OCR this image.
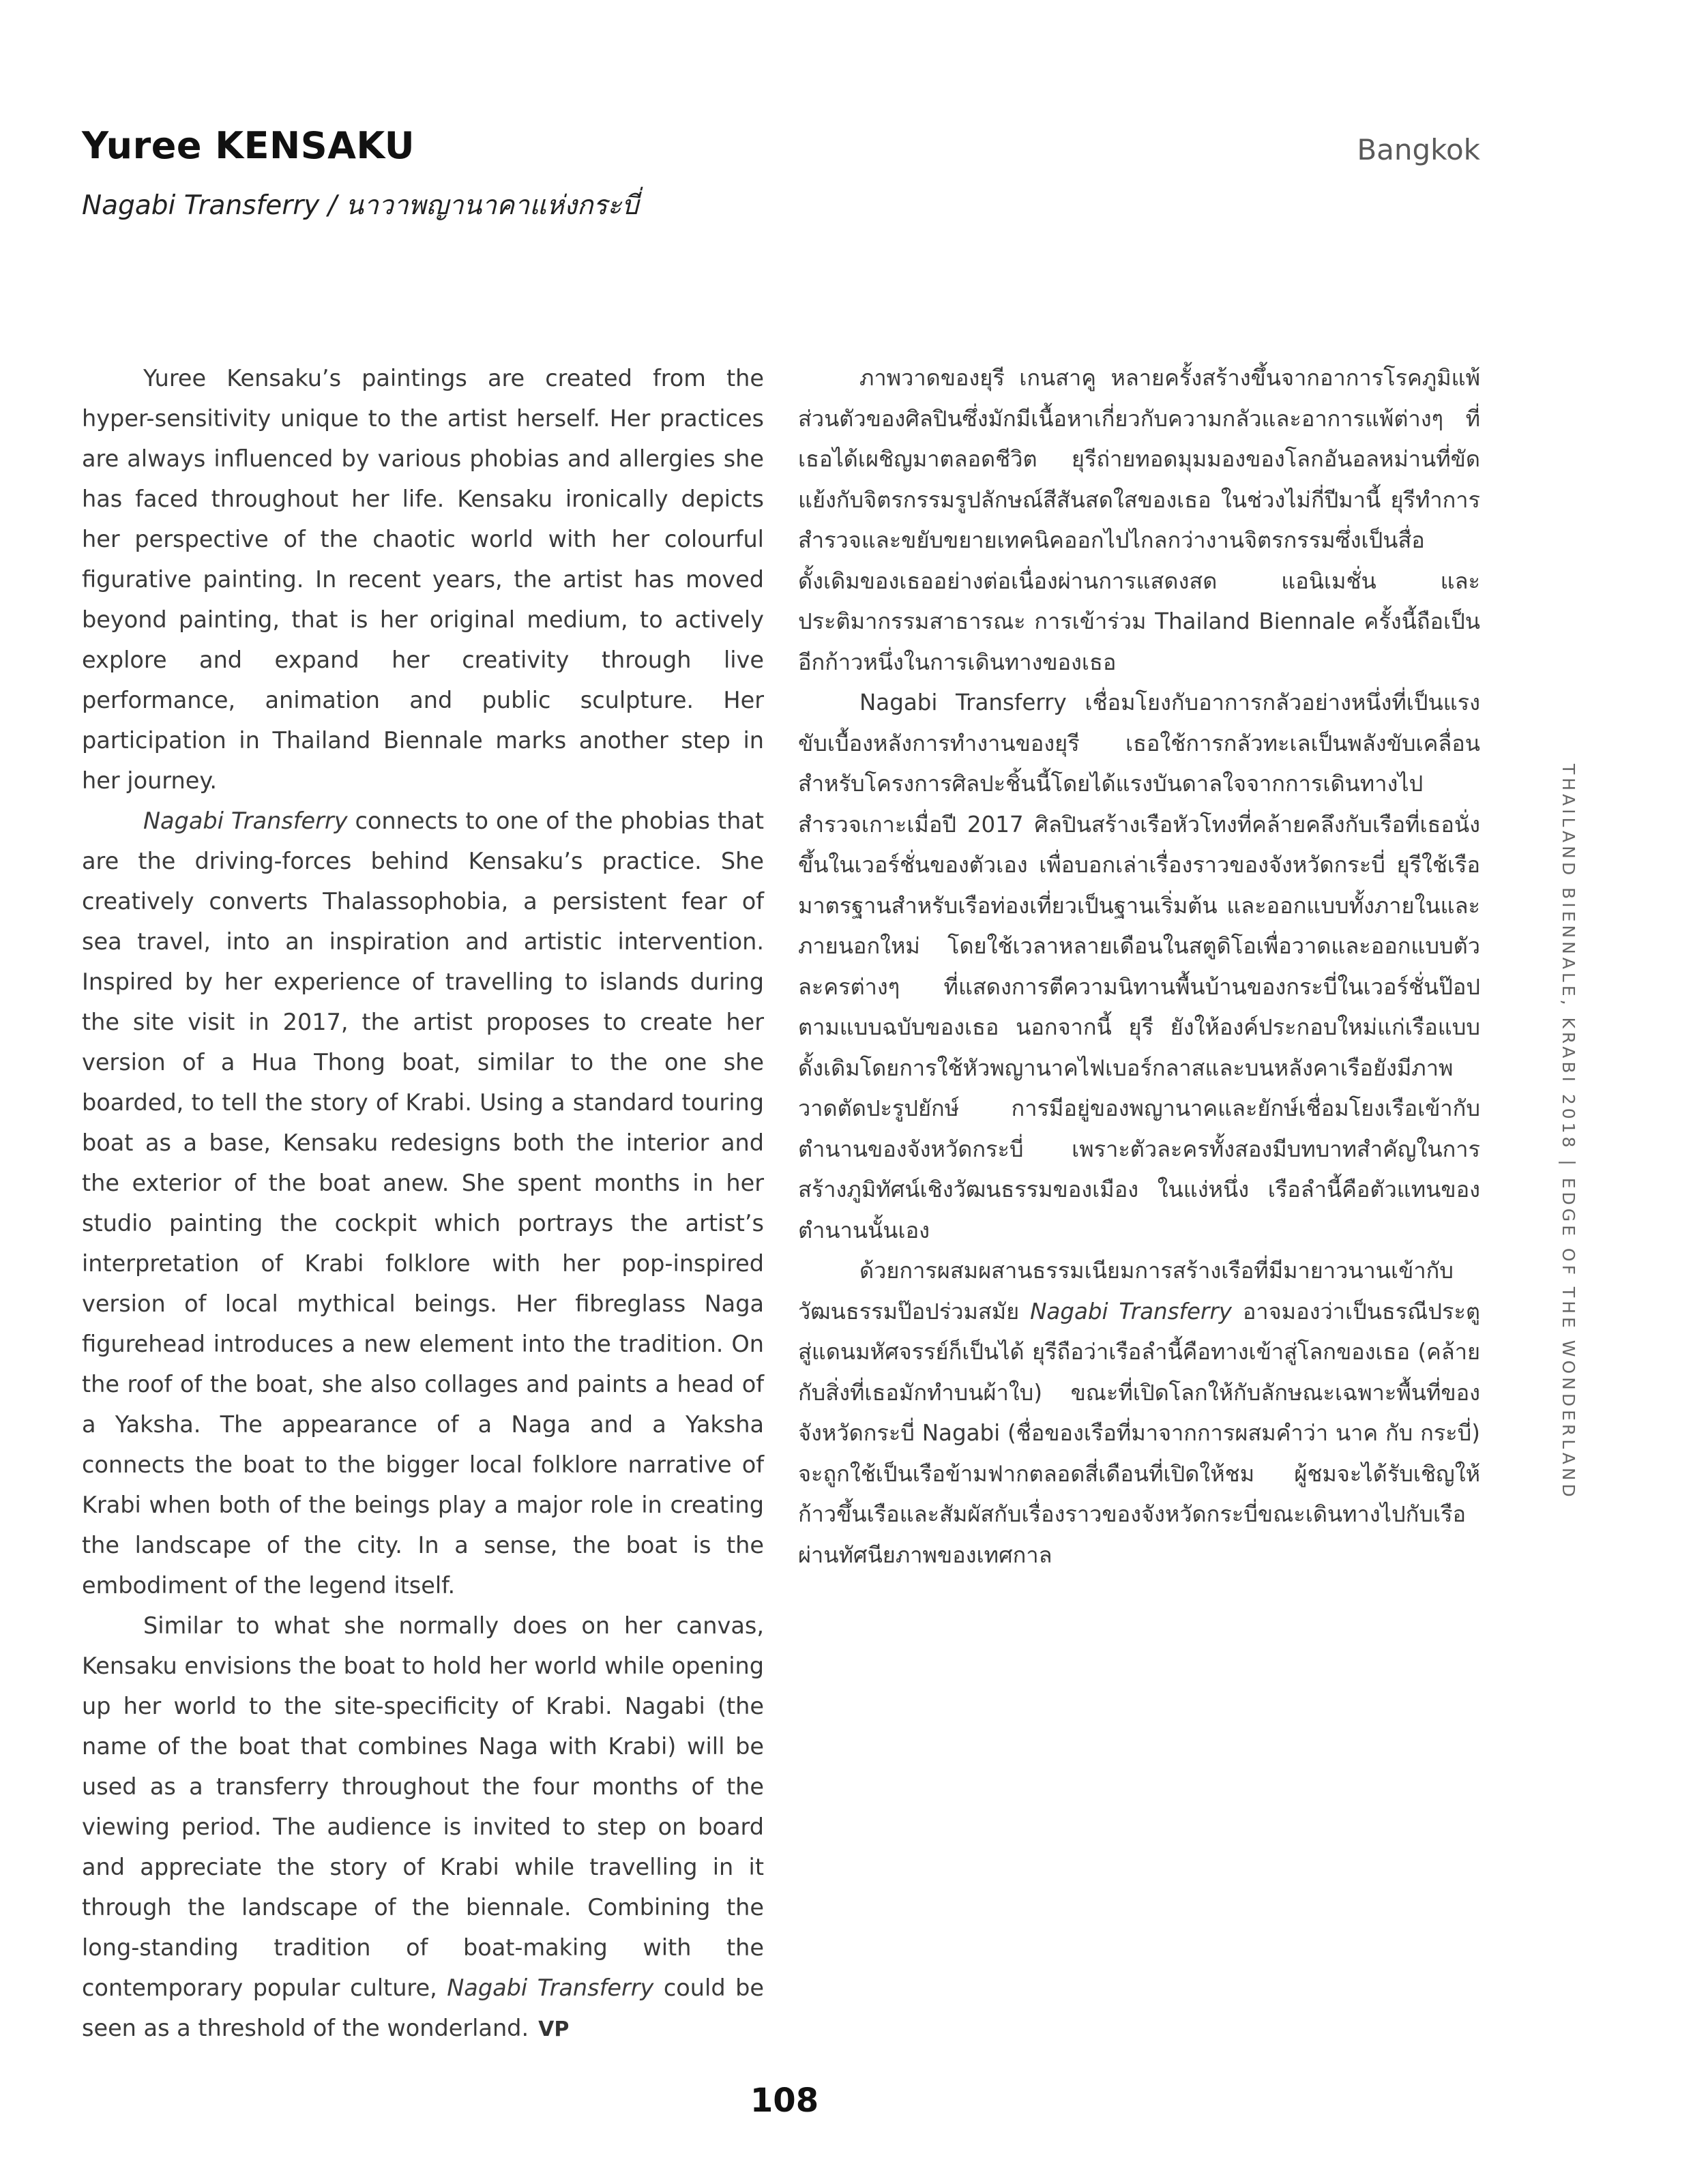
Yuree KENSAKU	Bangkok
Nagabi Transferry / นาวาพญานาคาแห่งกระบี่

Yuree Kensaku’s paintings are created from the hyper-sensitivity unique to the artist herself. Her practices are always influenced by various phobias and allergies she has faced throughout her life. Kensaku ironically depicts her perspective of the chaotic world with her colourful figurative painting. In recent years, the artist has moved beyond painting, that is her original medium, to actively explore and expand her creativity through live performance, animation and public sculpture. Her participation in Thailand Biennale marks another step in her journey.

Nagabi Transferry connects to one of the phobias that are the driving-forces behind Kensaku’s practice. She creatively converts Thalassophobia, a persistent fear of sea travel, into an inspiration and artistic intervention. Inspired by her experience of travelling to islands during the site visit in 2017, the artist proposes to create her version of a Hua Thong boat, similar to the one she boarded, to tell the story of Krabi. Using a standard touring boat as a base, Kensaku redesigns both the interior and the exterior of the boat anew. She spent months in her studio painting the cockpit which portrays the artist’s interpretation of Krabi folklore with her pop-inspired version of local mythical beings. Her fibreglass Naga figurehead introduces a new element into the tradition. On the roof of the boat, she also collages and paints a head of a Yaksha. The appearance of a Naga and a Yaksha connects the boat to the bigger local folklore narrative of Krabi when both of the beings play a major role in creating the landscape of the city. In a sense, the boat is the embodiment of the legend itself.

Similar to what she normally does on her canvas, Kensaku envisions the boat to hold her world while opening up her world to the site-specificity of Krabi. Nagabi (the name of the boat that combines Naga with Krabi) will be used as a transferry throughout the four months of the viewing period. The audience is invited to step on board and appreciate the story of Krabi while travelling in it through the landscape of the biennale. Combining the long-standing tradition of boat-making with the contemporary popular culture, Nagabi Transferry could be seen as a threshold of the wonderland. VP

ภาพวาดของยุรี เกนสาคู หลายครั้งสร้างขึ้นจากอาการโรคภูมิแพ้ส่วนตัวของศิลปินซึ่งมักมีเนื้อหาเกี่ยวกับความกลัวและอาการแพ้ต่างๆ ที่เธอได้เผชิญมาตลอดชีวิต ยุรีถ่ายทอดมุมมองของโลกอันอลหม่านที่ขัดแย้งกับจิตรกรรมรูปลักษณ์สีสันสดใสของเธอ ในช่วงไม่กี่ปีมานี้ ยุรีทำการสำรวจและขยับขยายเทคนิคออกไปไกลกว่างานจิตรกรรมซึ่งเป็นสื่อดั้งเดิมของเธออย่างต่อเนื่องผ่านการแสดงสด แอนิเมชั่น และประติมากรรมสาธารณะ การเข้าร่วม Thailand Biennale ครั้งนี้ถือเป็นอีกก้าวหนึ่งในการเดินทางของเธอ

Nagabi Transferry เชื่อมโยงกับอาการกลัวอย่างหนึ่งที่เป็นแรงขับเบื้องหลังการทำงานของยุรี เธอใช้การกลัวทะเลเป็นพลังขับเคลื่อนสำหรับโครงการศิลปะชิ้นนี้โดยได้แรงบันดาลใจจากการเดินทางไปสำรวจเกาะเมื่อปี 2017 ศิลปินสร้างเรือหัวโทงที่คล้ายคลึงกับเรือที่เธอนั่งขึ้นในเวอร์ชั่นของตัวเอง เพื่อบอกเล่าเรื่องราวของจังหวัดกระบี่ ยุรีใช้เรือมาตรฐานสำหรับเรือท่องเที่ยวเป็นฐานเริ่มต้น และออกแบบทั้งภายในและภายนอกใหม่ โดยใช้เวลาหลายเดือนในสตูดิโอเพื่อวาดและออกแบบตัวละครต่างๆ ที่แสดงการตีความนิทานพื้นบ้านของกระบี่ในเวอร์ชั่นป๊อปตามแบบฉบับของเธอ นอกจากนี้ ยุรี ยังให้องค์ประกอบใหม่แก่เรือแบบดั้งเดิมโดยการใช้หัวพญานาคไฟเบอร์กลาสและบนหลังคาเรือยังมีภาพวาดตัดปะรูปยักษ์ การมีอยู่ของพญานาคและยักษ์เชื่อมโยงเรือเข้ากับตำนานของจังหวัดกระบี่ เพราะตัวละครทั้งสองมีบทบาทสำคัญในการสร้างภูมิทัศน์เชิงวัฒนธรรมของเมือง ในแง่หนึ่ง เรือลำนี้คือตัวแทนของตำนานนั้นเอง

ด้วยการผสมผสานธรรมเนียมการสร้างเรือที่มีมายาวนานเข้ากับวัฒนธรรมป๊อปร่วมสมัย Nagabi Transferry อาจมองว่าเป็นธรณีประตูสู่แดนมหัศจรรย์ก็เป็นได้ ยุรีถือว่าเรือลำนี้คือทางเข้าสู่โลกของเธอ (คล้ายกับสิ่งที่เธอมักทำบนผ้าใบ) ขณะที่เปิดโลกให้กับลักษณะเฉพาะพื้นที่ของจังหวัดกระบี่ Nagabi (ชื่อของเรือที่มาจากการผสมคำว่า นาค กับ กระบี่) จะถูกใช้เป็นเรือข้ามฟากตลอดสี่เดือนที่เปิดให้ชม ผู้ชมจะได้รับเชิญให้ก้าวขึ้นเรือและสัมผัสกับเรื่องราวของจังหวัดกระบี่ขณะเดินทางไปกับเรือ ผ่านทัศนียภาพของเทศกาล

THAILAND BIENNALE, KRABI 2018 | EDGE OF THE WONDERLAND
108
